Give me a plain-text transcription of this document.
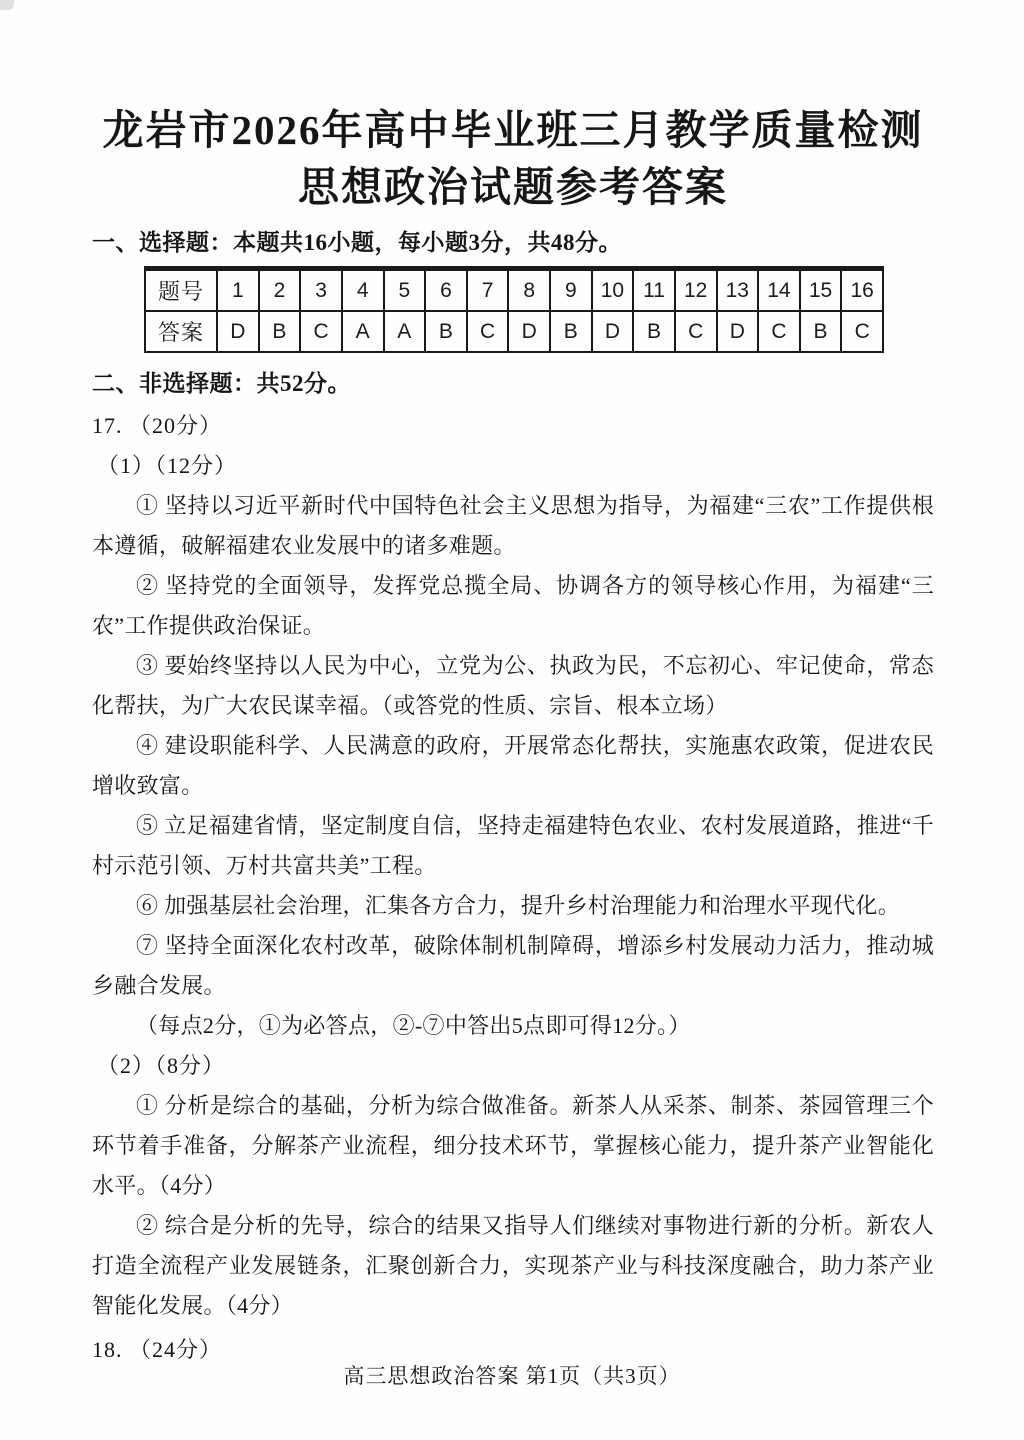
龙岩市2026年高中毕业班三月教学质量检测
思想政治试题参考答案

一、选择题：本题共16小题，每小题3分，共48分。

题号	1	2	3	4	5	6	7	8	9	10	11	12	13	14	15	16
答案	D	B	C	A	A	B	C	D	B	D	B	C	D	C	B	C

二、非选择题：共52分。

17. （20分）

（1）（12分）

① 坚持以习近平新时代中国特色社会主义思想为指导，为福建“三农”工作提供根本遵循，破解福建农业发展中的诸多难题。

② 坚持党的全面领导，发挥党总揽全局、协调各方的领导核心作用，为福建“三农”工作提供政治保证。

③ 要始终坚持以人民为中心，立党为公、执政为民，不忘初心、牢记使命，常态化帮扶，为广大农民谋幸福。（或答党的性质、宗旨、根本立场）

④ 建设职能科学、人民满意的政府，开展常态化帮扶，实施惠农政策，促进农民增收致富。

⑤ 立足福建省情，坚定制度自信，坚持走福建特色农业、农村发展道路，推进“千村示范引领、万村共富共美”工程。

⑥ 加强基层社会治理，汇集各方合力，提升乡村治理能力和治理水平现代化。

⑦ 坚持全面深化农村改革，破除体制机制障碍，增添乡村发展动力活力，推动城乡融合发展。

（每点2分，①为必答点，②-⑦中答出5点即可得12分。）

（2）（8分）

① 分析是综合的基础，分析为综合做准备。新茶人从采茶、制茶、茶园管理三个环节着手准备，分解茶产业流程，细分技术环节，掌握核心能力，提升茶产业智能化水平。（4分）

② 综合是分析的先导，综合的结果又指导人们继续对事物进行新的分析。新农人打造全流程产业发展链条，汇聚创新合力，实现茶产业与科技深度融合，助力茶产业智能化发展。（4分）

18. （24分）

高三思想政治答案 第1页（共3页）
